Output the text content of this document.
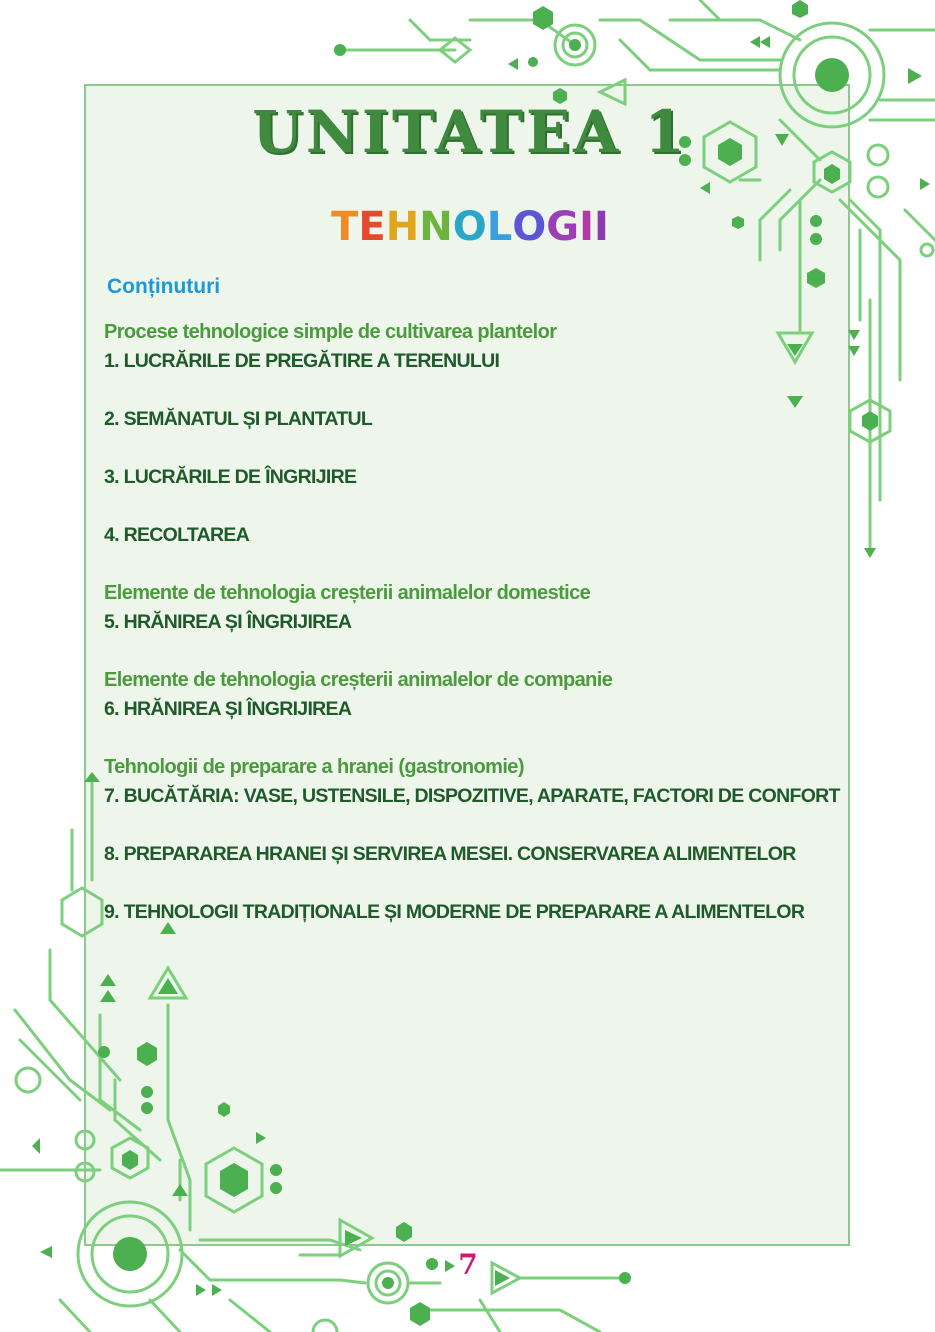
UNITATEA 1
TEHNOLOGII
Conținuturi
Procese tehnologice simple de cultivarea plantelor
1. LUCRĂRILE DE PREGĂTIRE A TERENULUI
2. SEMĂNATUL ȘI PLANTATUL
3. LUCRĂRILE DE ÎNGRIJIRE
4. RECOLTAREA
Elemente de tehnologia creșterii animalelor domestice
5. HRĂNIREA ȘI ÎNGRIJIREA
Elemente de tehnologia creșterii animalelor de companie
6. HRĂNIREA ȘI ÎNGRIJIREA
Tehnologii de preparare a hranei (gastronomie)
7. BUCĂTĂRIA: VASE, USTENSILE, DISPOZITIVE, APARATE, FACTORI DE CONFORT
8. PREPARAREA HRANEI ȘI SERVIREA MESEI. CONSERVAREA ALIMENTELOR
9. TEHNOLOGII TRADIȚIONALE ȘI MODERNE DE PREPARARE A ALIMENTELOR
7
